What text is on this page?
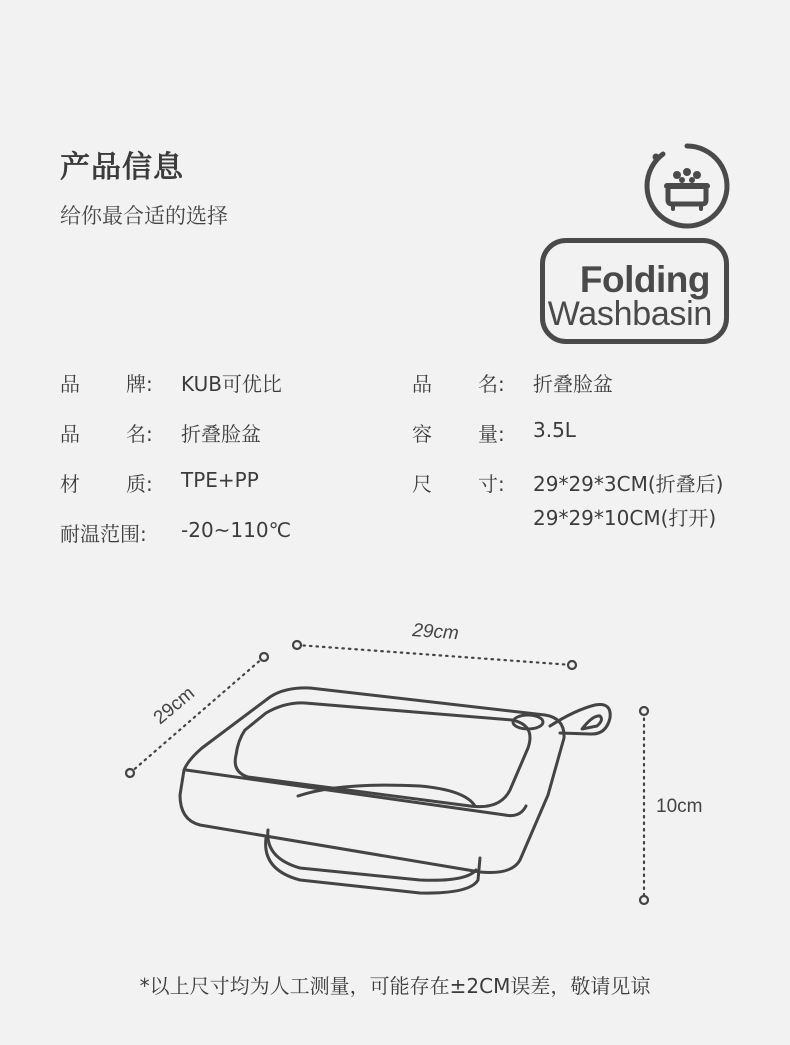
产品信息
给你最合适的选择
Folding
Washbasin
品 牌: KUB可优比
品 名: 折叠脸盆
材 质: TPE+PP
耐温范围: -20~110℃
品 名: 折叠脸盆
容 量: 3.5L
尺 寸: 29*29*3CM(折叠后)
29*29*10CM(打开)
29cm
29cm
10cm
*以上尺寸均为人工测量，可能存在±2CM误差，敬请见谅
